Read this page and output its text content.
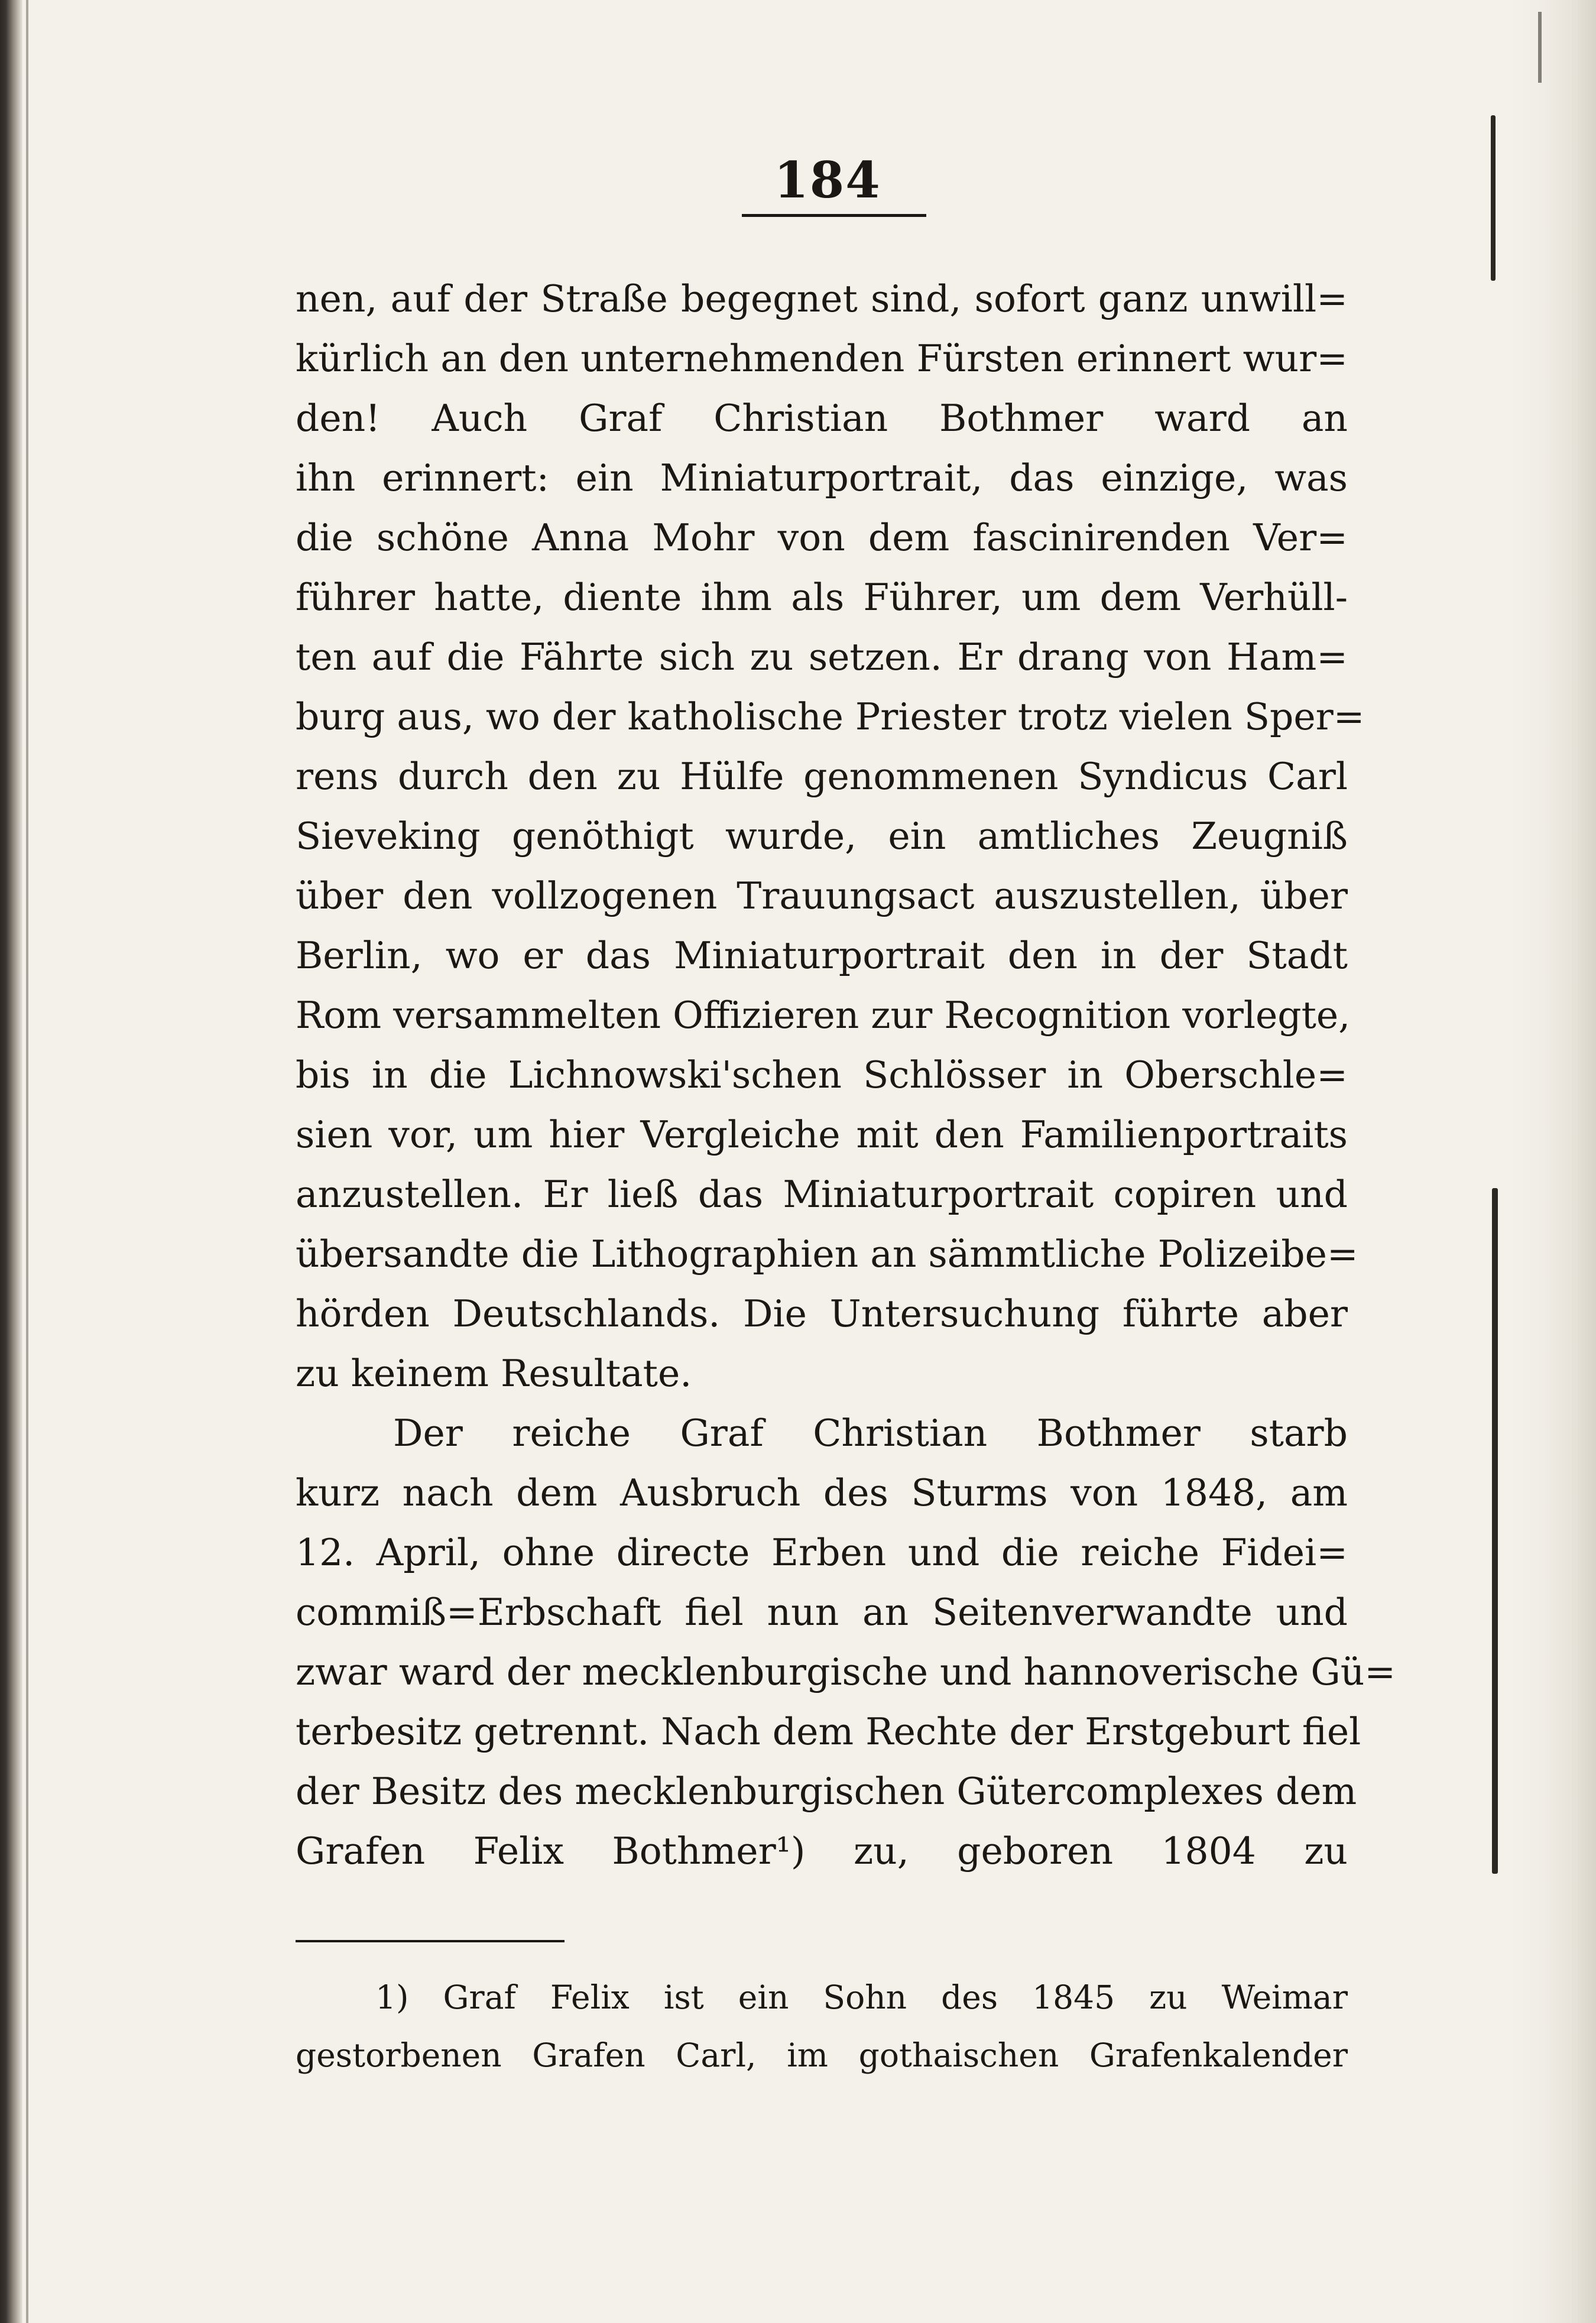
184
nen, auf der Straße begegnet sind, sofort ganz unwill=
kürlich an den unternehmenden Fürsten erinnert wur=
den! Auch Graf Christian Bothmer ward an
ihn erinnert: ein Miniaturportrait, das einzige, was
die schöne Anna Mohr von dem fascinirenden Ver=
führer hatte, diente ihm als Führer, um dem Verhüll-
ten auf die Fährte sich zu setzen. Er drang von Ham=
burg aus, wo der katholische Priester trotz vielen Sper=
rens durch den zu Hülfe genommenen Syndicus Carl
Sieveking genöthigt wurde, ein amtliches Zeugniß
über den vollzogenen Trauungsact auszustellen, über
Berlin, wo er das Miniaturportrait den in der Stadt
Rom versammelten Offizieren zur Recognition vorlegte,
bis in die Lichnowski'schen Schlösser in Oberschle=
sien vor, um hier Vergleiche mit den Familienportraits
anzustellen. Er ließ das Miniaturportrait copiren und
übersandte die Lithographien an sämmtliche Polizeibe=
hörden Deutschlands. Die Untersuchung führte aber
zu keinem Resultate.
Der reiche Graf Christian Bothmer starb
kurz nach dem Ausbruch des Sturms von 1848, am
12. April, ohne directe Erben und die reiche Fidei=
commiß=Erbschaft fiel nun an Seitenverwandte und
zwar ward der mecklenburgische und hannoverische Gü=
terbesitz getrennt. Nach dem Rechte der Erstgeburt fiel
der Besitz des mecklenburgischen Gütercomplexes dem
Grafen Felix Bothmer¹) zu, geboren 1804 zu
1) Graf Felix ist ein Sohn des 1845 zu Weimar
gestorbenen Grafen Carl, im gothaischen Grafenkalender
